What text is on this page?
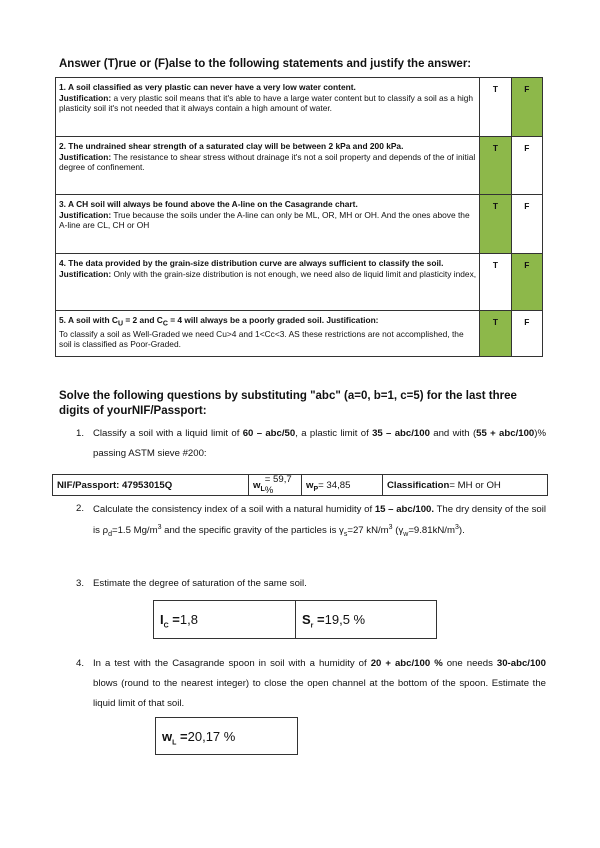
Answer (T)rue or (F)alse to the following statements and justify the answer:
1. A soil classified as very plastic can never have a very low water content.
Justification: a very plastic soil means that it's able to have a large water content but to classify a soil as a high plasticity soil it's not needed that it always contain a high amount of water.	T	F
2. The undrained shear strength of a saturated clay will be between 2 kPa and 200 kPa.
Justification: The resistance to shear stress without drainage it's not a soil property and depends of the of initial degree of confinement.	T	F
3. A CH soil will always be found above the A-line on the Casagrande chart.
Justification: True because the soils under the A-line can only be ML, OR, MH or OH. And the ones above the A-line are CL, CH or OH	T	F
4. The data provided by the grain-size distribution curve are always sufficient to classify the soil. Justification: Only with the grain-size distribution is not enough, we need also de liquid limit and plasticity index,	T	F
5. A soil with $C_U = 2$ and $C_C = 4$ will always be a poorly graded soil. Justification:
To classify a soil as Well-Graded we need Cu>4 and 1<Cc<3. AS these restrictions are not accomplished, the soil is classified as Poor-Graded.	T	F
Solve the following questions by substituting "abc" (a=0, b=1, c=5) for the last three digits of yourNIF/Passport:
1. Classify a soil with a liquid limit of 60 – abc/50, a plastic limit of 35 – abc/100 and with (55 + abc/100)% passing ASTM sieve #200:
NIF/Passport: 47953015Q	$w_L$
= 59,7 %	$w_P = 34,85$	Classification = MH or OH
2. Calculate the consistency index of a soil with a natural humidity of 15 – abc/100. The dry density of the soil is $\rho_d=1.5$ $Mg/m^3$ and the specific gravity of the particles is $\gamma_s=27$ $kN/m^3$ $(\gamma_w=9.81kN/m^3)$.
3. Estimate the degree of saturation of the same soil.
$I_C = 1,8$	$S_r = 19,5$ %
4. In a test with the Casagrande spoon in soil with a humidity of 20 + abc/100 % one needs 30-abc/100 blows (round to the nearest integer) to close the open channel at the bottom of the spoon. Estimate the liquid limit of that soil.
$w_L = 20,17$ %
